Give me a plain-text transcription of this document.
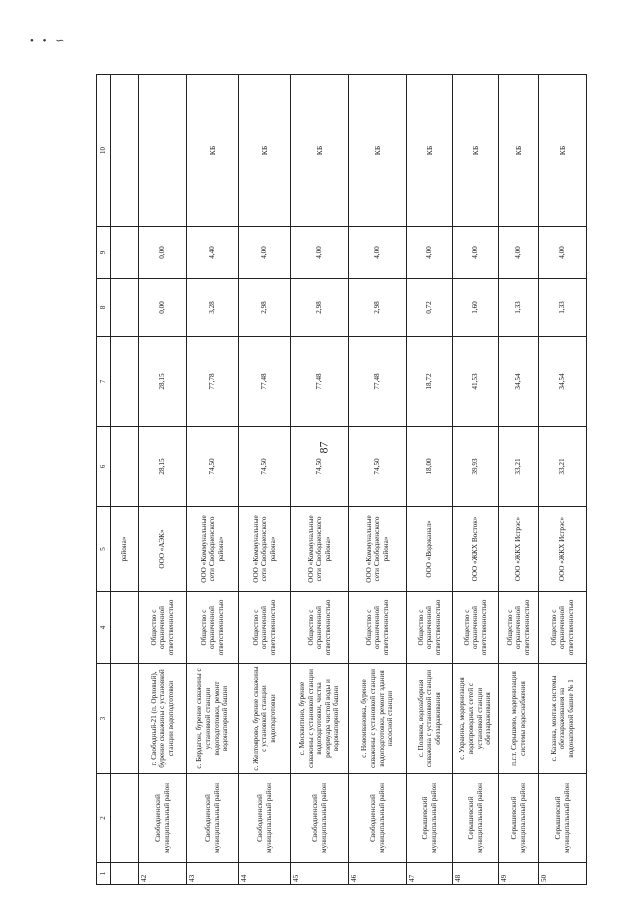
• • ∽
87
1	2	3	4	5	6	7	8	9	10
				района»					
42	Свободненский муниципальный район	г. Свободный-21 (п. Орловый), бурение скважины с установкой станции водоподготовки	Общество с ограниченной ответственностью	ООО «АЭК»	28,15	28,15	0,00	0,00	
43	Свободненский муниципальный район	с. Бердагон, бурение скважины с установкой станции водоподготовки, ремонт водонапорной башни	Общество с ограниченной ответственностью	ООО «Коммунальные сети Свободненского района»	74,50	77,78	3,28	4,40	КБ
44	Свободненский муниципальный район	с. Желтоярово, бурение скважины с установкой станции водоподготовки	Общество с ограниченной ответственностью	ООО «Коммунальные сети Свободненского района»	74,50	77,48	2,98	4,00	КБ
45	Свободненский муниципальный район	с. Москвитино, бурение скважины с установкой станции водоподготовки, чистка резервуара чистой воды и водонапорной башни	Общество с ограниченной ответственностью	ООО «Коммунальные сети Свободненского района»	74,50	77,48	2,98	4,00	КБ
46	Свободненский муниципальный район	с. Новоивановка, бурение скважины с установкой станции водоподготовки, ремонт здания насосной станции	Общество с ограниченной ответственностью	ООО «Коммунальные сети Свободненского района»	74,50	77,48	2,98	4,00	КБ
47	Серышевский муниципальный район	с. Поляков, водозаборная скважина с установкой станции обеззараживания	Общество с ограниченной ответственностью	ООО «Водоканал»	18,00	18,72	0,72	4,00	КБ
48	Серышевский муниципальный район	с. Украинка, модернизация водопроводных сетей с установкой станции обеззараживания	Общество с ограниченной ответственностью	ООО «ЖКХ Восток»	39,93	41,53	1,60	4,00	КБ
49	Серышевский муниципальный район	п.г.т. Серышево, модернизация системы водоснабжения	Общество с ограниченной ответственностью	ООО «ЖКХ Исгрэс»	33,21	34,54	1,33	4,00	КБ
50	Серышевский муниципальный район	с. Казанка, монтаж системы обеззараживания на водонапорной башне № 1	Общество с ограниченной ответственностью	ООО «ЖКХ Исгрэс»	33,21	34,54	1,33	4,00	КБ
